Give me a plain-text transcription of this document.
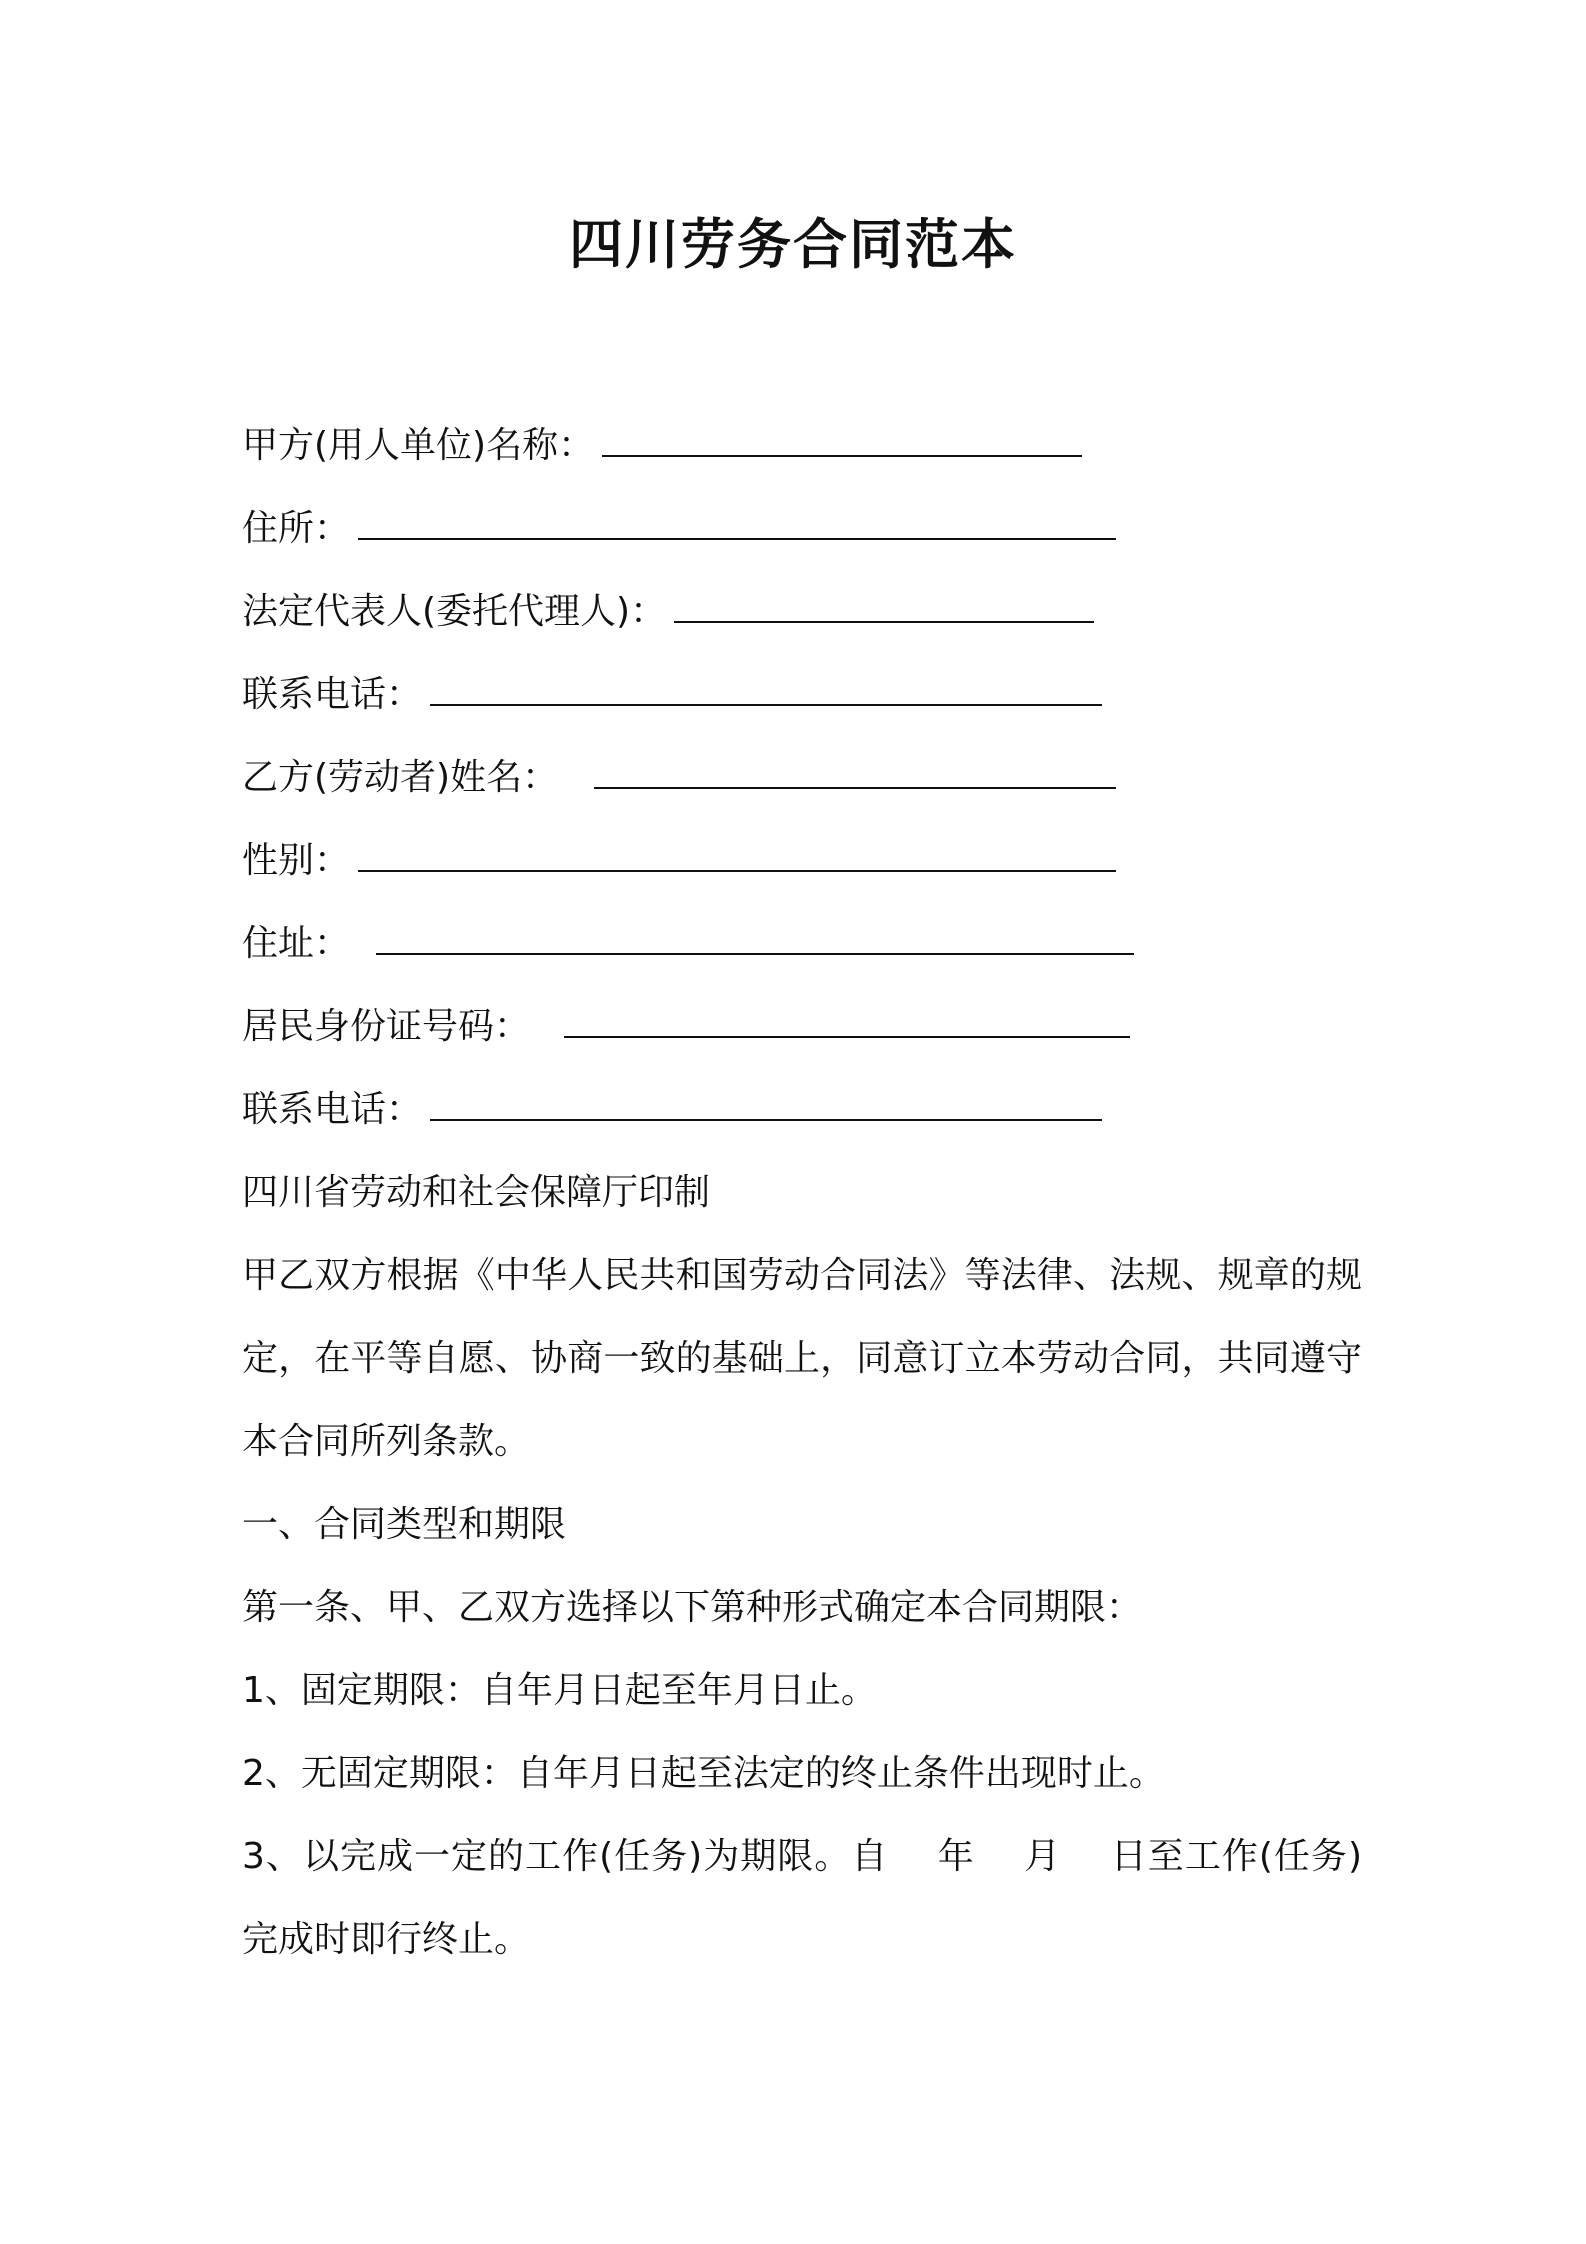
四川劳务合同范本
甲方(用人单位)名称：
住所：
法定代表人(委托代理人)：
联系电话：
乙方(劳动者)姓名：
性别：
住址：
居民身份证号码：
联系电话：
四川省劳动和社会保障厅印制
甲乙双方根据《中华人民共和国劳动合同法》等法律、法规、规章的规定，在平等自愿、协商一致的基础上，同意订立本劳动合同，共同遵守本合同所列条款。
一、合同类型和期限
第一条、甲、乙双方选择以下第种形式确定本合同期限：
1、固定期限：自年月日起至年月日止。
2、无固定期限：自年月日起至法定的终止条件出现时止。
3、以完成一定的工作(任务)为期限。自　 年　 月　 日至工作(任务)完成时即行终止。
